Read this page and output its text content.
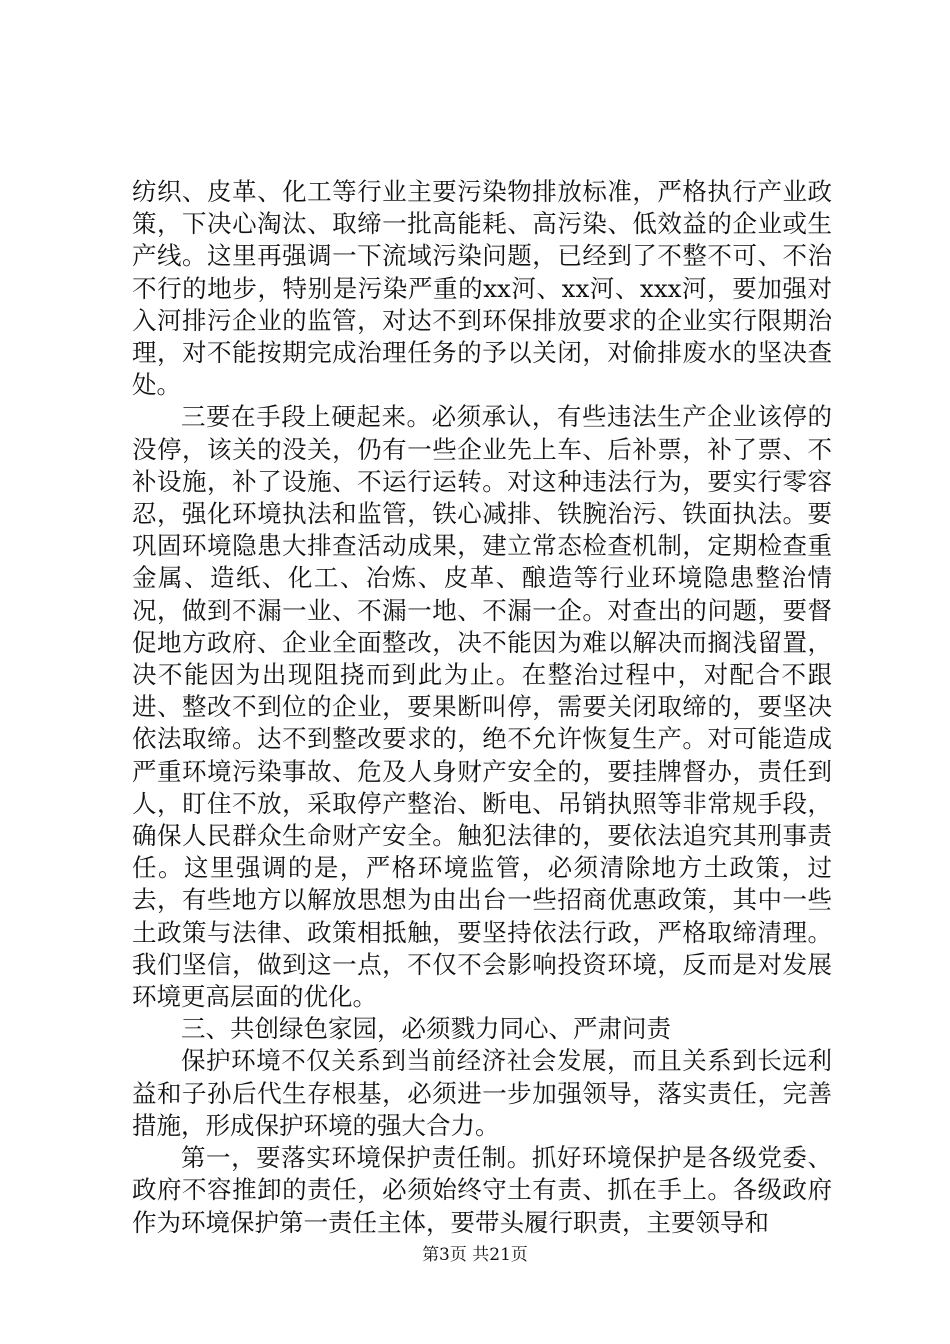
纺织、皮革、化工等行业主要污染物排放标准，严格执行产业政策，下决心淘汰、取缔一批高能耗、高污染、低效益的企业或生产线。这里再强调一下流域污染问题，已经到了不整不可、不治不行的地步，特别是污染严重的xx河、xx河、xxx河，要加强对入河排污企业的监管，对达不到环保排放要求的企业实行限期治理，对不能按期完成治理任务的予以关闭，对偷排废水的坚决查处。

三要在手段上硬起来。必须承认，有些违法生产企业该停的没停，该关的没关，仍有一些企业先上车、后补票，补了票、不补设施，补了设施、不运行运转。对这种违法行为，要实行零容忍，强化环境执法和监管，铁心减排、铁腕治污、铁面执法。要巩固环境隐患大排查活动成果，建立常态检查机制，定期检查重金属、造纸、化工、冶炼、皮革、酿造等行业环境隐患整治情况，做到不漏一业、不漏一地、不漏一企。对查出的问题，要督促地方政府、企业全面整改，决不能因为难以解决而搁浅留置，决不能因为出现阻挠而到此为止。在整治过程中，对配合不跟进、整改不到位的企业，要果断叫停，需要关闭取缔的，要坚决依法取缔。达不到整改要求的，绝不允许恢复生产。对可能造成严重环境污染事故、危及人身财产安全的，要挂牌督办，责任到人，盯住不放，采取停产整治、断电、吊销执照等非常规手段，确保人民群众生命财产安全。触犯法律的，要依法追究其刑事责任。这里强调的是，严格环境监管，必须清除地方土政策，过去，有些地方以解放思想为由出台一些招商优惠政策，其中一些土政策与法律、政策相抵触，要坚持依法行政，严格取缔清理。我们坚信，做到这一点，不仅不会影响投资环境，反而是对发展环境更高层面的优化。

三、共创绿色家园，必须戮力同心、严肃问责

保护环境不仅关系到当前经济社会发展，而且关系到长远利益和子孙后代生存根基，必须进一步加强领导，落实责任，完善措施，形成保护环境的强大合力。

第一，要落实环境保护责任制。抓好环境保护是各级党委、政府不容推卸的责任，必须始终守土有责、抓在手上。各级政府作为环境保护第一责任主体，要带头履行职责，主要领导和

第3页 共21页
